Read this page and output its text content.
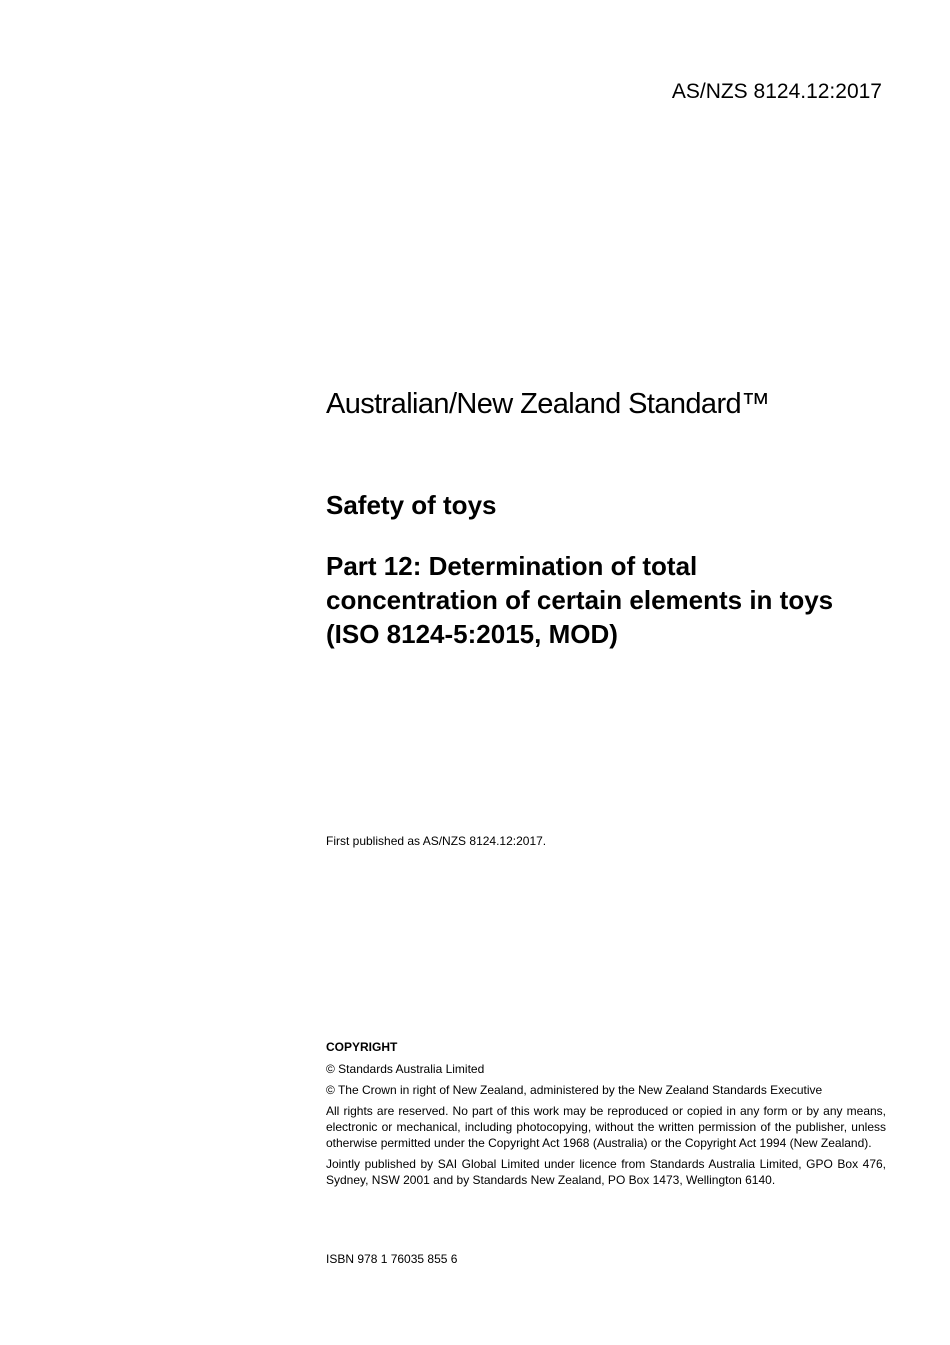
AS/NZS 8124.12:2017
Australian/New Zealand Standard™
Safety of toys
Part 12: Determination of total concentration of certain elements in toys (ISO 8124-5:2015, MOD)
First published as AS/NZS 8124.12:2017.
COPYRIGHT
© Standards Australia Limited
© The Crown in right of New Zealand, administered by the New Zealand Standards Executive
All rights are reserved. No part of this work may be reproduced or copied in any form or by any means, electronic or mechanical, including photocopying, without the written permission of the publisher, unless otherwise permitted under the Copyright Act 1968 (Australia) or the Copyright Act 1994 (New Zealand).
Jointly published by SAI Global Limited under licence from Standards Australia Limited, GPO Box 476, Sydney, NSW 2001 and by Standards New Zealand, PO Box 1473, Wellington 6140.
ISBN 978 1 76035 855 6
